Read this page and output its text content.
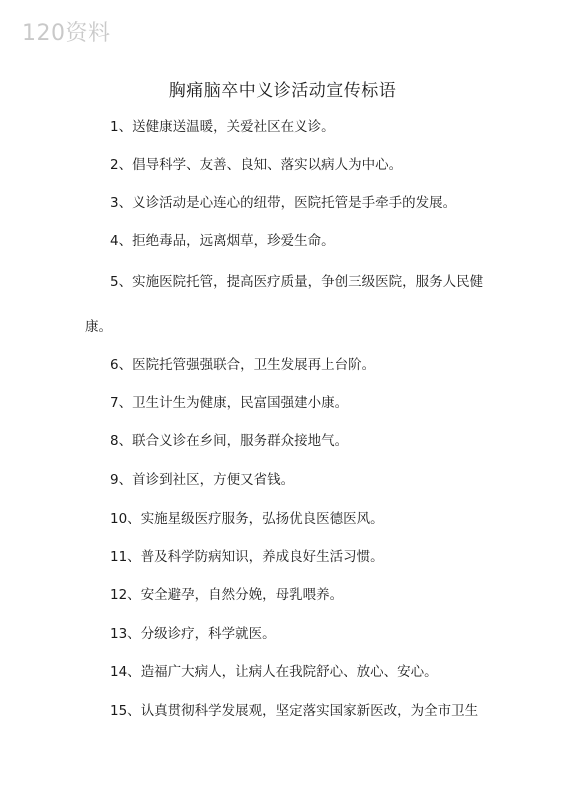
120资料
胸痛脑卒中义诊活动宣传标语
1、送健康送温暖，关爱社区在义诊。
2、倡导科学、友善、良知、落实以病人为中心。
3、义诊活动是心连心的纽带，医院托管是手牵手的发展。
4、拒绝毒品，远离烟草，珍爱生命。
5、实施医院托管，提高医疗质量，争创三级医院，服务人民健
康。
6、医院托管强强联合，卫生发展再上台阶。
7、卫生计生为健康，民富国强建小康。
8、联合义诊在乡间，服务群众接地气。
9、首诊到社区，方便又省钱。
10、实施星级医疗服务，弘扬优良医德医风。
11、普及科学防病知识，养成良好生活习惯。
12、安全避孕，自然分娩，母乳喂养。
13、分级诊疗，科学就医。
14、造福广大病人，让病人在我院舒心、放心、安心。
15、认真贯彻科学发展观，坚定落实国家新医改，为全市卫生
